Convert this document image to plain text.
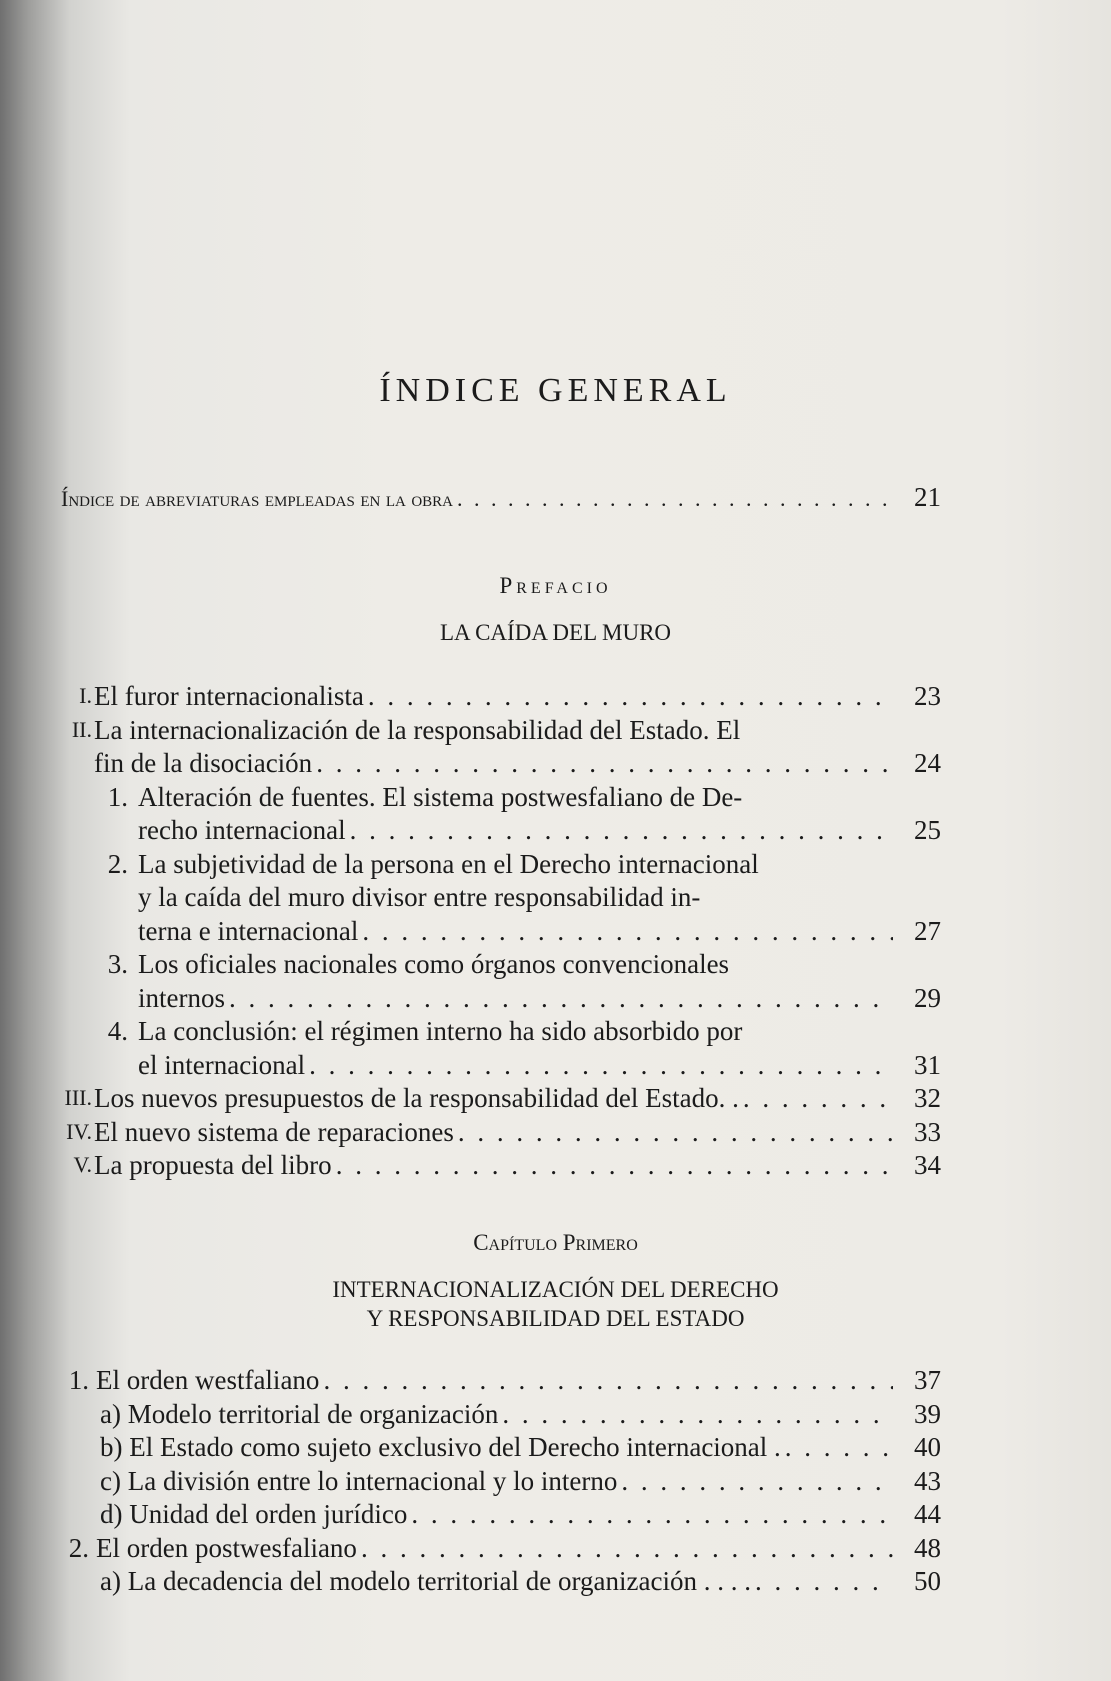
ÍNDICE GENERAL
Índice de abreviaturas empleadas en la obra . . .	21
Prefacio
LA CAÍDA DEL MURO
I. El furor internacionalista . . .	23
II. La internacionalización de la responsabilidad del Estado. El
fin de la disociación . . .	24
1. Alteración de fuentes. El sistema postwesfaliano de De-
recho internacional . . .	25
2. La subjetividad de la persona en el Derecho internacional
y la caída del muro divisor entre responsabilidad in-
terna e internacional . . .	27
3. Los oficiales nacionales como órganos convencionales
internos . . .	29
4. La conclusión: el régimen interno ha sido absorbido por
el internacional . . .	31
III. Los nuevos presupuestos de la responsabilidad del Estado. . . . .	32
IV. El nuevo sistema de reparaciones . . .	33
V. La propuesta del libro . . .	34
Capítulo Primero
INTERNACIONALIZACIÓN DEL DERECHO
Y RESPONSABILIDAD DEL ESTADO
1. El orden westfaliano . . .	37
a) Modelo territorial de organización . . .	39
b) El Estado como sujeto exclusivo del Derecho internacional . . . .	40
c) La división entre lo internacional y lo interno . . .	43
d) Unidad del orden jurídico . . .	44
2. El orden postwesfaliano . . .	48
a) La decadencia del modelo territorial de organización . . . . . . .	50
